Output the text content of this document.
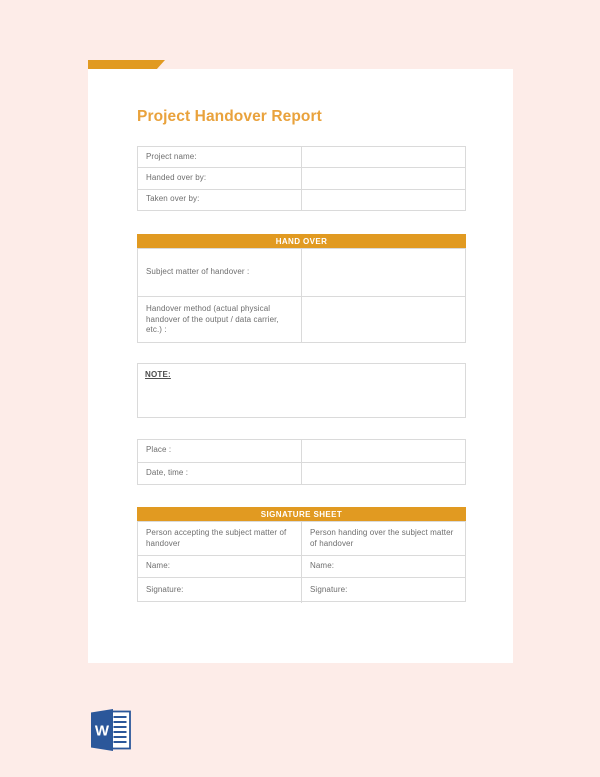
Project Handover Report
Project name:
Handed over by:
Taken over by:
HAND OVER
Subject matter of handover :
Handover method (actual physical handover of the output / data carrier, etc.) :
NOTE:
Place :
Date, time :
SIGNATURE SHEET
Person accepting the subject matter of handover
Person handing over the subject matter of handover
Name:	Name:
Signature:	Signature:
W
